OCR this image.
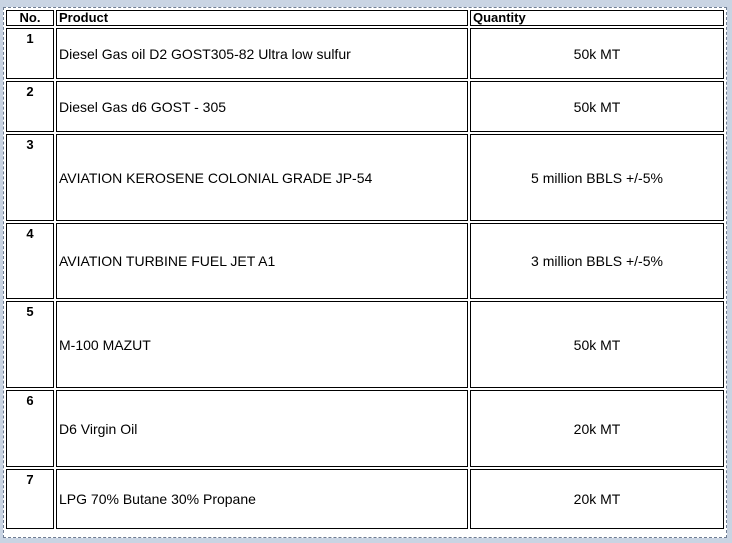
No.	Product	Quantity
1	Diesel Gas oil D2 GOST305-82 Ultra low sulfur	50k MT
2	Diesel Gas d6 GOST - 305	50k MT
3	AVIATION KEROSENE COLONIAL GRADE JP-54	5 million BBLS +/-5%
4	AVIATION TURBINE FUEL JET A1	3 million BBLS +/-5%
5	M-100 MAZUT	50k MT
6	D6 Virgin Oil	20k MT
7	LPG 70% Butane 30% Propane	20k MT
